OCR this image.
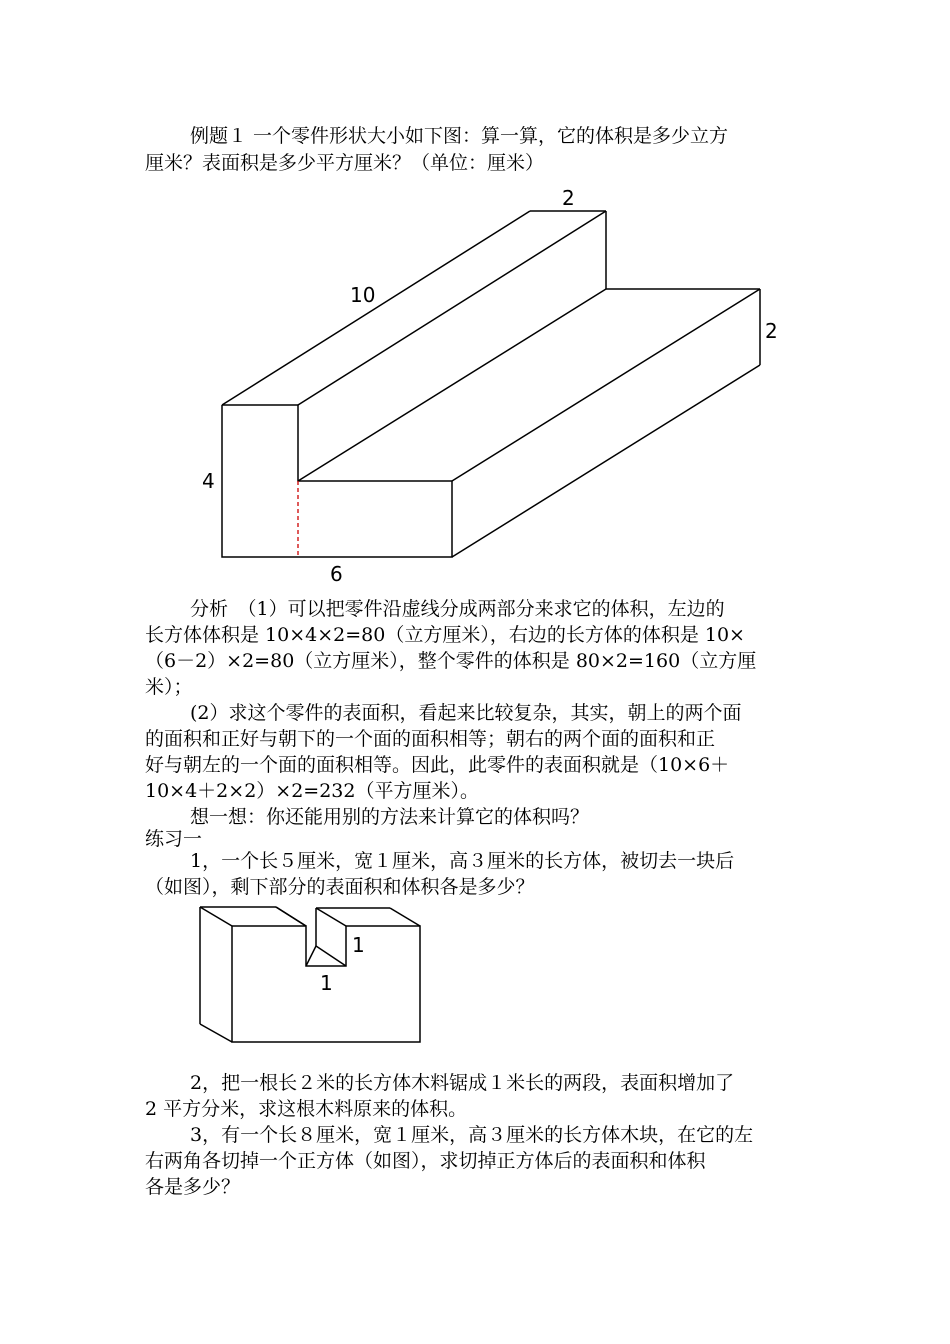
例题１ 一个零件形状大小如下图：算一算，它的体积是多少立方
厘米？表面积是多少平方厘米？（单位：厘米）
2
10
2
4
6
分析　（1）可以把零件沿虚线分成两部分来求它的体积，左边的
长方体体积是 10×4×2=80（立方厘米），右边的长方体的体积是 10×
（6－2）×2=80（立方厘米），整个零件的体积是 80×2=160（立方厘
米）；
(2）求这个零件的表面积，看起来比较复杂，其实，朝上的两个面
的面积和正好与朝下的一个面的面积相等；朝右的两个面的面积和正
好与朝左的一个面的面积相等。因此，此零件的表面积就是（10×6＋
10×4＋2×2）×2=232（平方厘米）。
想一想：你还能用别的方法来计算它的体积吗？
练习一
1，一个长５厘米，宽１厘米，高３厘米的长方体，被切去一块后
（如图），剩下部分的表面积和体积各是多少？
1
1
2，把一根长２米的长方体木料锯成１米长的两段，表面积增加了
2 平方分米，求这根木料原来的体积。
3，有一个长８厘米，宽１厘米，高３厘米的长方体木块，在它的左
右两角各切掉一个正方体（如图），求切掉正方体后的表面积和体积
各是多少？
